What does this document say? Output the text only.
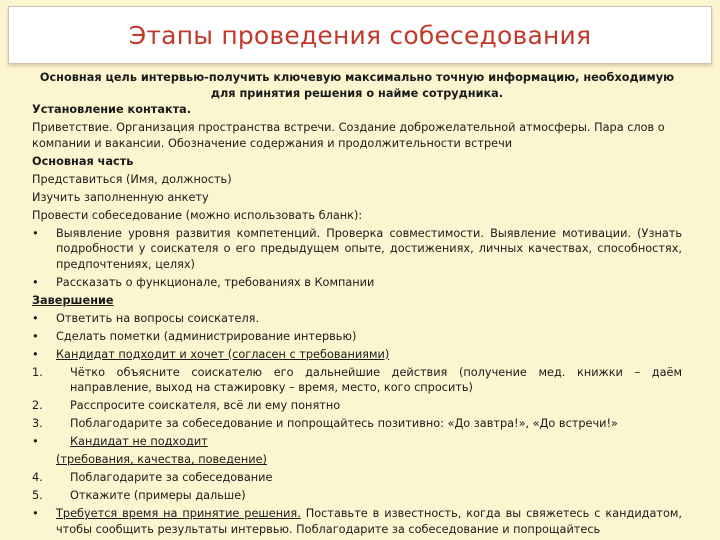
Этапы проведения собеседования
Основная цель интервью-получить ключевую максимально точную информацию, необходимую для принятия решения о найме сотрудника.
Установление контакта.
Приветствие. Организация пространства встречи. Создание доброжелательной атмосферы. Пара слов о компании и вакансии. Обозначение содержания и продолжительности встречи
Основная часть
Представиться (Имя, должность)
Изучить заполненную анкету
Провести собеседование (можно использовать бланк):
•	Выявление уровня развития компетенций. Проверка совместимости. Выявление мотивации. (Узнать подробности у соискателя о его предыдущем опыте, достижениях, личных качествах, способностях, предпочтениях, целях)
•	Рассказать о функционале, требованиях в Компании
Завершение
•	Ответить на вопросы соискателя.
•	Сделать пометки (администрирование интервью)
•	Кандидат подходит и хочет (согласен с требованиями)
1.	Чётко объясните соискателю его дальнейшие действия (получение мед. книжки – даём направление, выход на стажировку – время, место, кого спросить)
2.	Расспросите соискателя, всё ли ему понятно
3.	Поблагодарите за собеседование и попрощайтесь позитивно: «До завтра!», «До встречи!»
•	Кандидат не подходит
(требования, качества, поведение)
4.	Поблагодарите за собеседование
5.	Откажите (примеры дальше)
•	Требуется время на принятие решения. Поставьте в известность, когда вы свяжетесь с кандидатом, чтобы сообщить результаты интервью. Поблагодарите за собеседование и попрощайтесь
